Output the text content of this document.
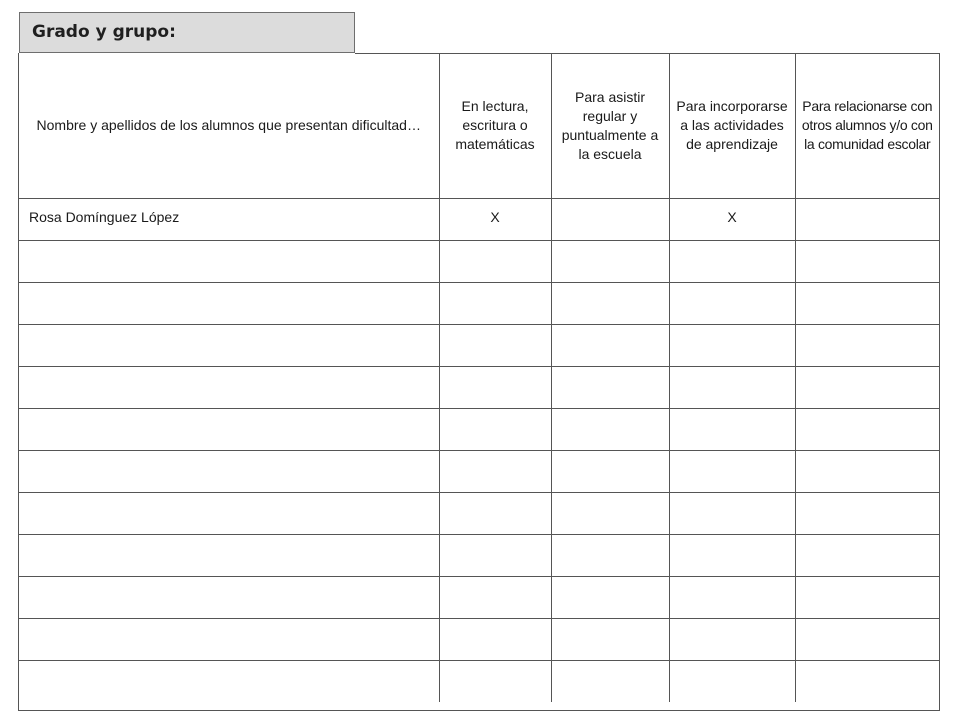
Grado y grupo:
Nombre y apellidos de los alumnos que presentan dificultad…	En lectura, escritura o matemáticas	Para asistir regular y puntualmente a la escuela	Para incorporarse a las actividades de aprendizaje	Para relacionarse con otros alumnos y/o con la comunidad escolar

Rosa Domínguez López	X		X	
